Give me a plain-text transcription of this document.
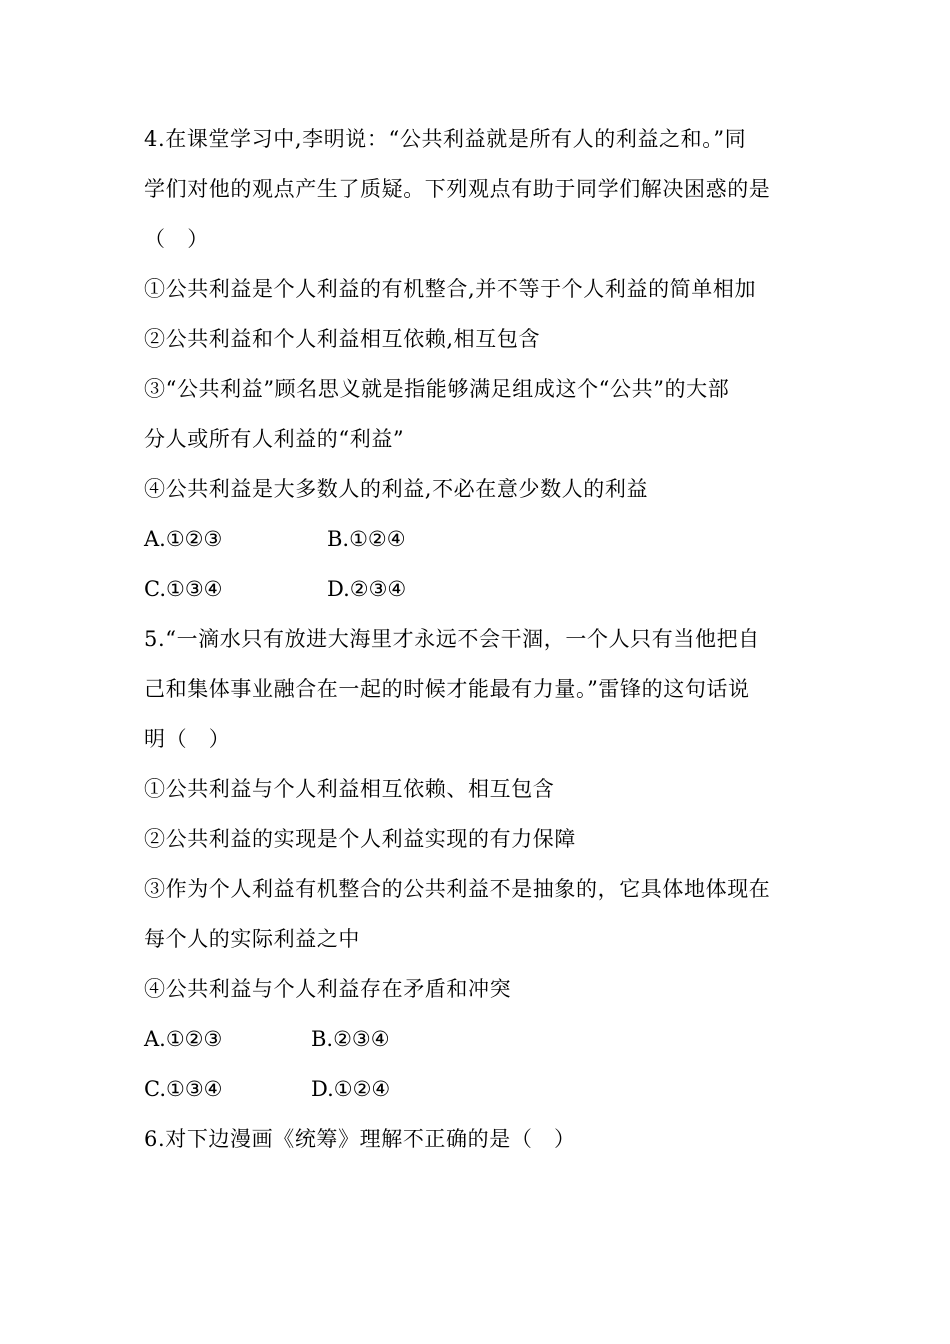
4.在课堂学习中,李明说：“公共利益就是所有人的利益之和。”同
学们对他的观点产生了质疑。下列观点有助于同学们解决困惑的是
（　）
①公共利益是个人利益的有机整合,并不等于个人利益的简单相加
②公共利益和个人利益相互依赖,相互包含
③“公共利益”顾名思义就是指能够满足组成这个“公共”的大部
分人或所有人利益的“利益”
④公共利益是大多数人的利益,不必在意少数人的利益
A.①②③	B.①②④
C.①③④	D.②③④
5.“一滴水只有放进大海里才永远不会干涸，一个人只有当他把自
己和集体事业融合在一起的时候才能最有力量。”雷锋的这句话说
明（　）
①公共利益与个人利益相互依赖、相互包含
②公共利益的实现是个人利益实现的有力保障
③作为个人利益有机整合的公共利益不是抽象的，它具体地体现在
每个人的实际利益之中
④公共利益与个人利益存在矛盾和冲突
A.①②③	B.②③④
C.①③④	D.①②④
6.对下边漫画《统筹》理解不正确的是（　）
